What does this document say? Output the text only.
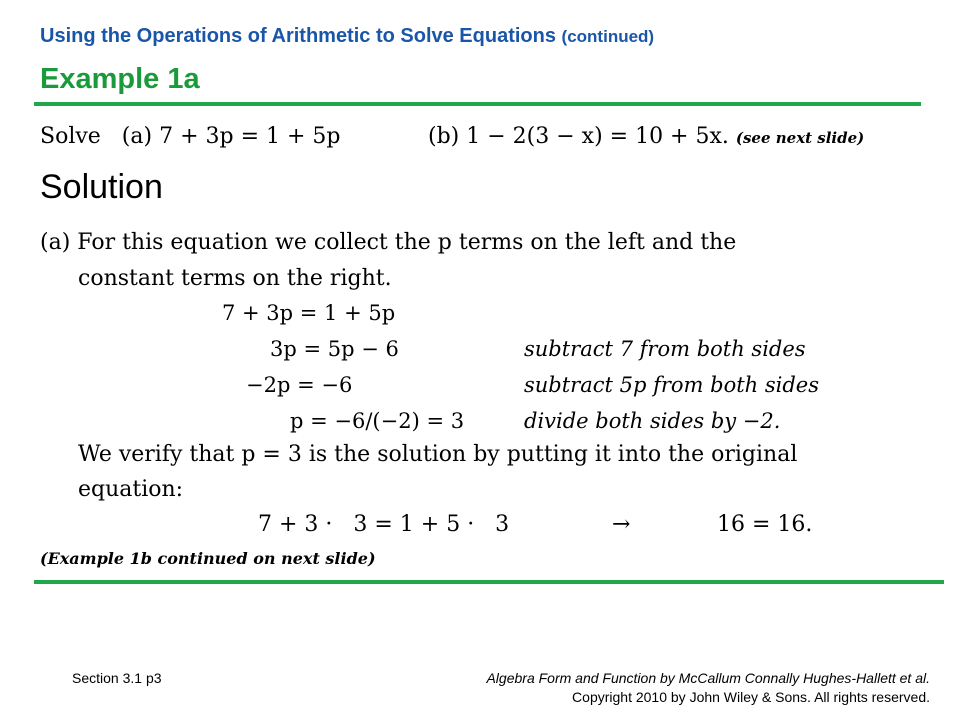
Using the Operations of Arithmetic to Solve Equations (continued)
Example 1a
Solve (a) 7 + 3p = 1 + 5p	(b) 1 − 2(3 − x) = 10 + 5x. (see next slide)
Solution
(a) For this equation we collect the p terms on the left and the
constant terms on the right.
7 + 3p = 1 + 5p
3p = 5p − 6	subtract 7 from both sides
−2p = −6	subtract 5p from both sides
p = −6/(−2) = 3	divide both sides by −2.
We verify that p = 3 is the solution by putting it into the original
equation:
7 + 3 ·   3 = 1 + 5 ·   3	→	16 = 16.
(Example 1b continued on next slide)
Section 3.1 p3	Algebra Form and Function by McCallum Connally Hughes-Hallett et al.
Copyright 2010 by John Wiley & Sons. All rights reserved.
